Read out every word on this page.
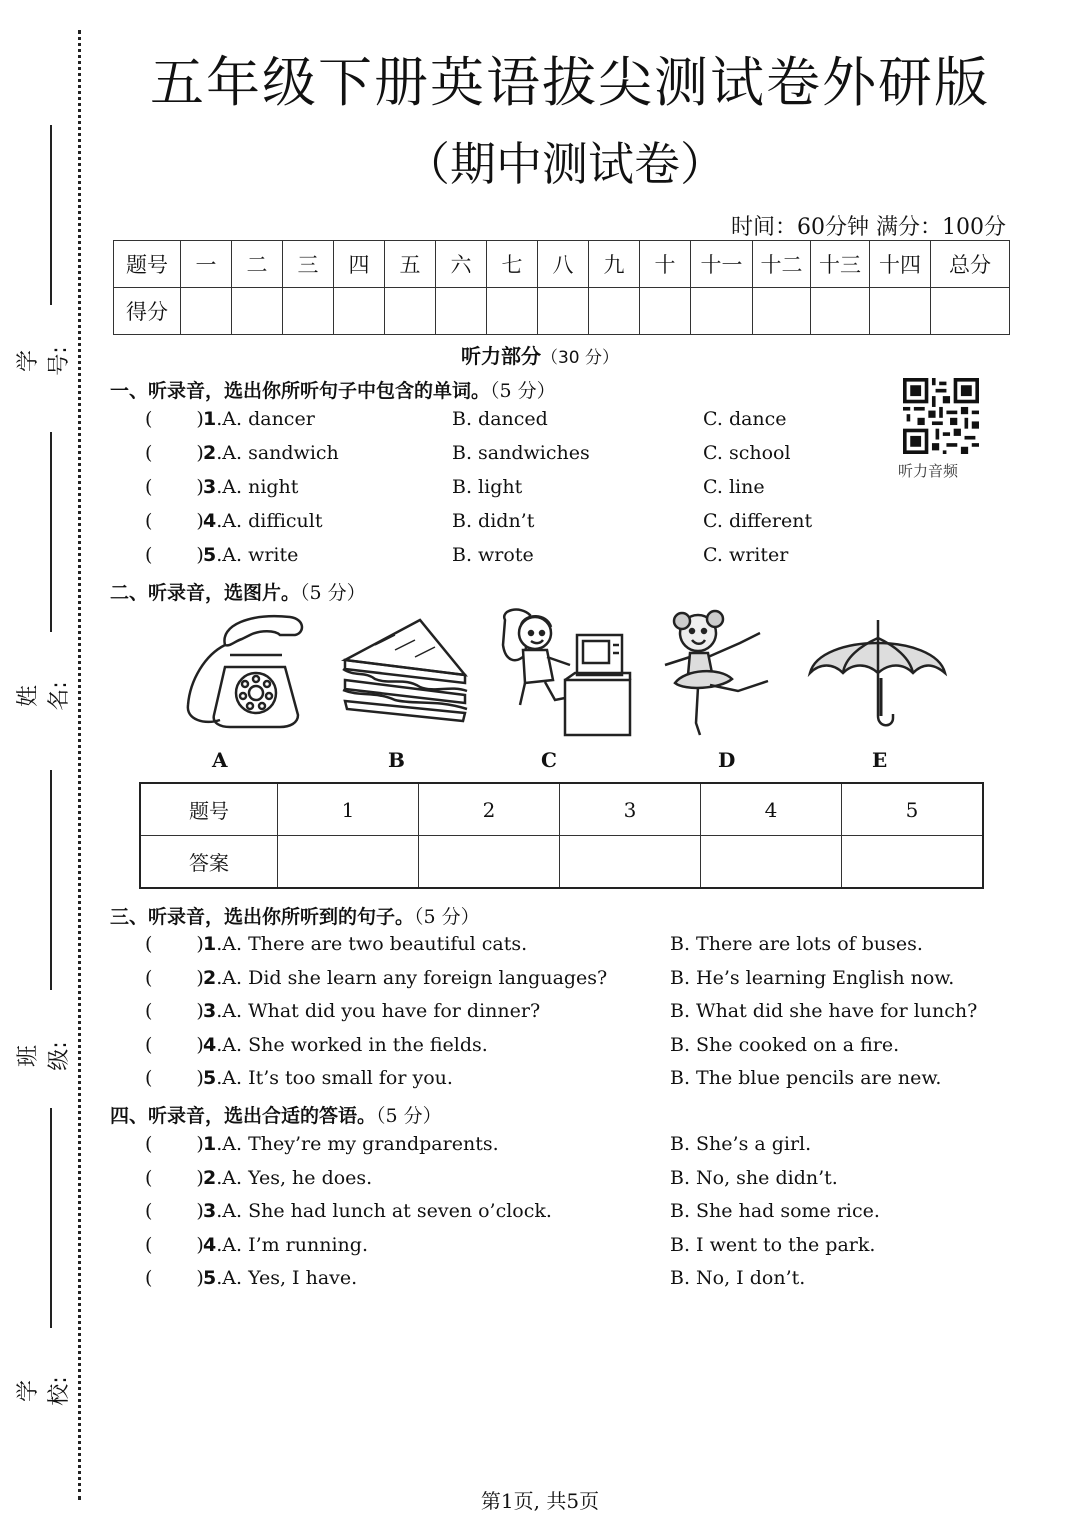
学号:
姓名:
班级:
学校:
五年级下册英语拔尖测试卷外研版
（期中测试卷）
时间：60分钟 满分：100分
题号	一	二	三	四	五	六	七	八	九	十	十一	十二	十三	十四	总分
得分															
听力部分（30 分）
一、听录音，选出你所听句子中包含的单词。（5 分）
( )1.A. dancer	B. danced	C. dance
( )2.A. sandwich	B. sandwiches	C. school
( )3.A. night	B. light	C. line
( )4.A. difficult	B. didn’t	C. different
( )5.A. write	B. wrote	C. writer
听力音频
二、听录音，选图片。（5 分）
A	B	C	D	E
题号	1	2	3	4	5
答案					
三、听录音，选出你所听到的句子。（5 分）
( )1.A. There are two beautiful cats.	B. There are lots of buses.
( )2.A. Did she learn any foreign languages?	B. He’s learning English now.
( )3.A. What did you have for dinner?	B. What did she have for lunch?
( )4.A. She worked in the fields.	B. She cooked on a fire.
( )5.A. It’s too small for you.	B. The blue pencils are new.
四、听录音，选出合适的答语。（5 分）
( )1.A. They’re my grandparents.	B. She’s a girl.
( )2.A. Yes, he does.	B. No, she didn’t.
( )3.A. She had lunch at seven o’clock.	B. She had some rice.
( )4.A. I’m running.	B. I went to the park.
( )5.A. Yes, I have.	B. No, I don’t.
第1页, 共5页
